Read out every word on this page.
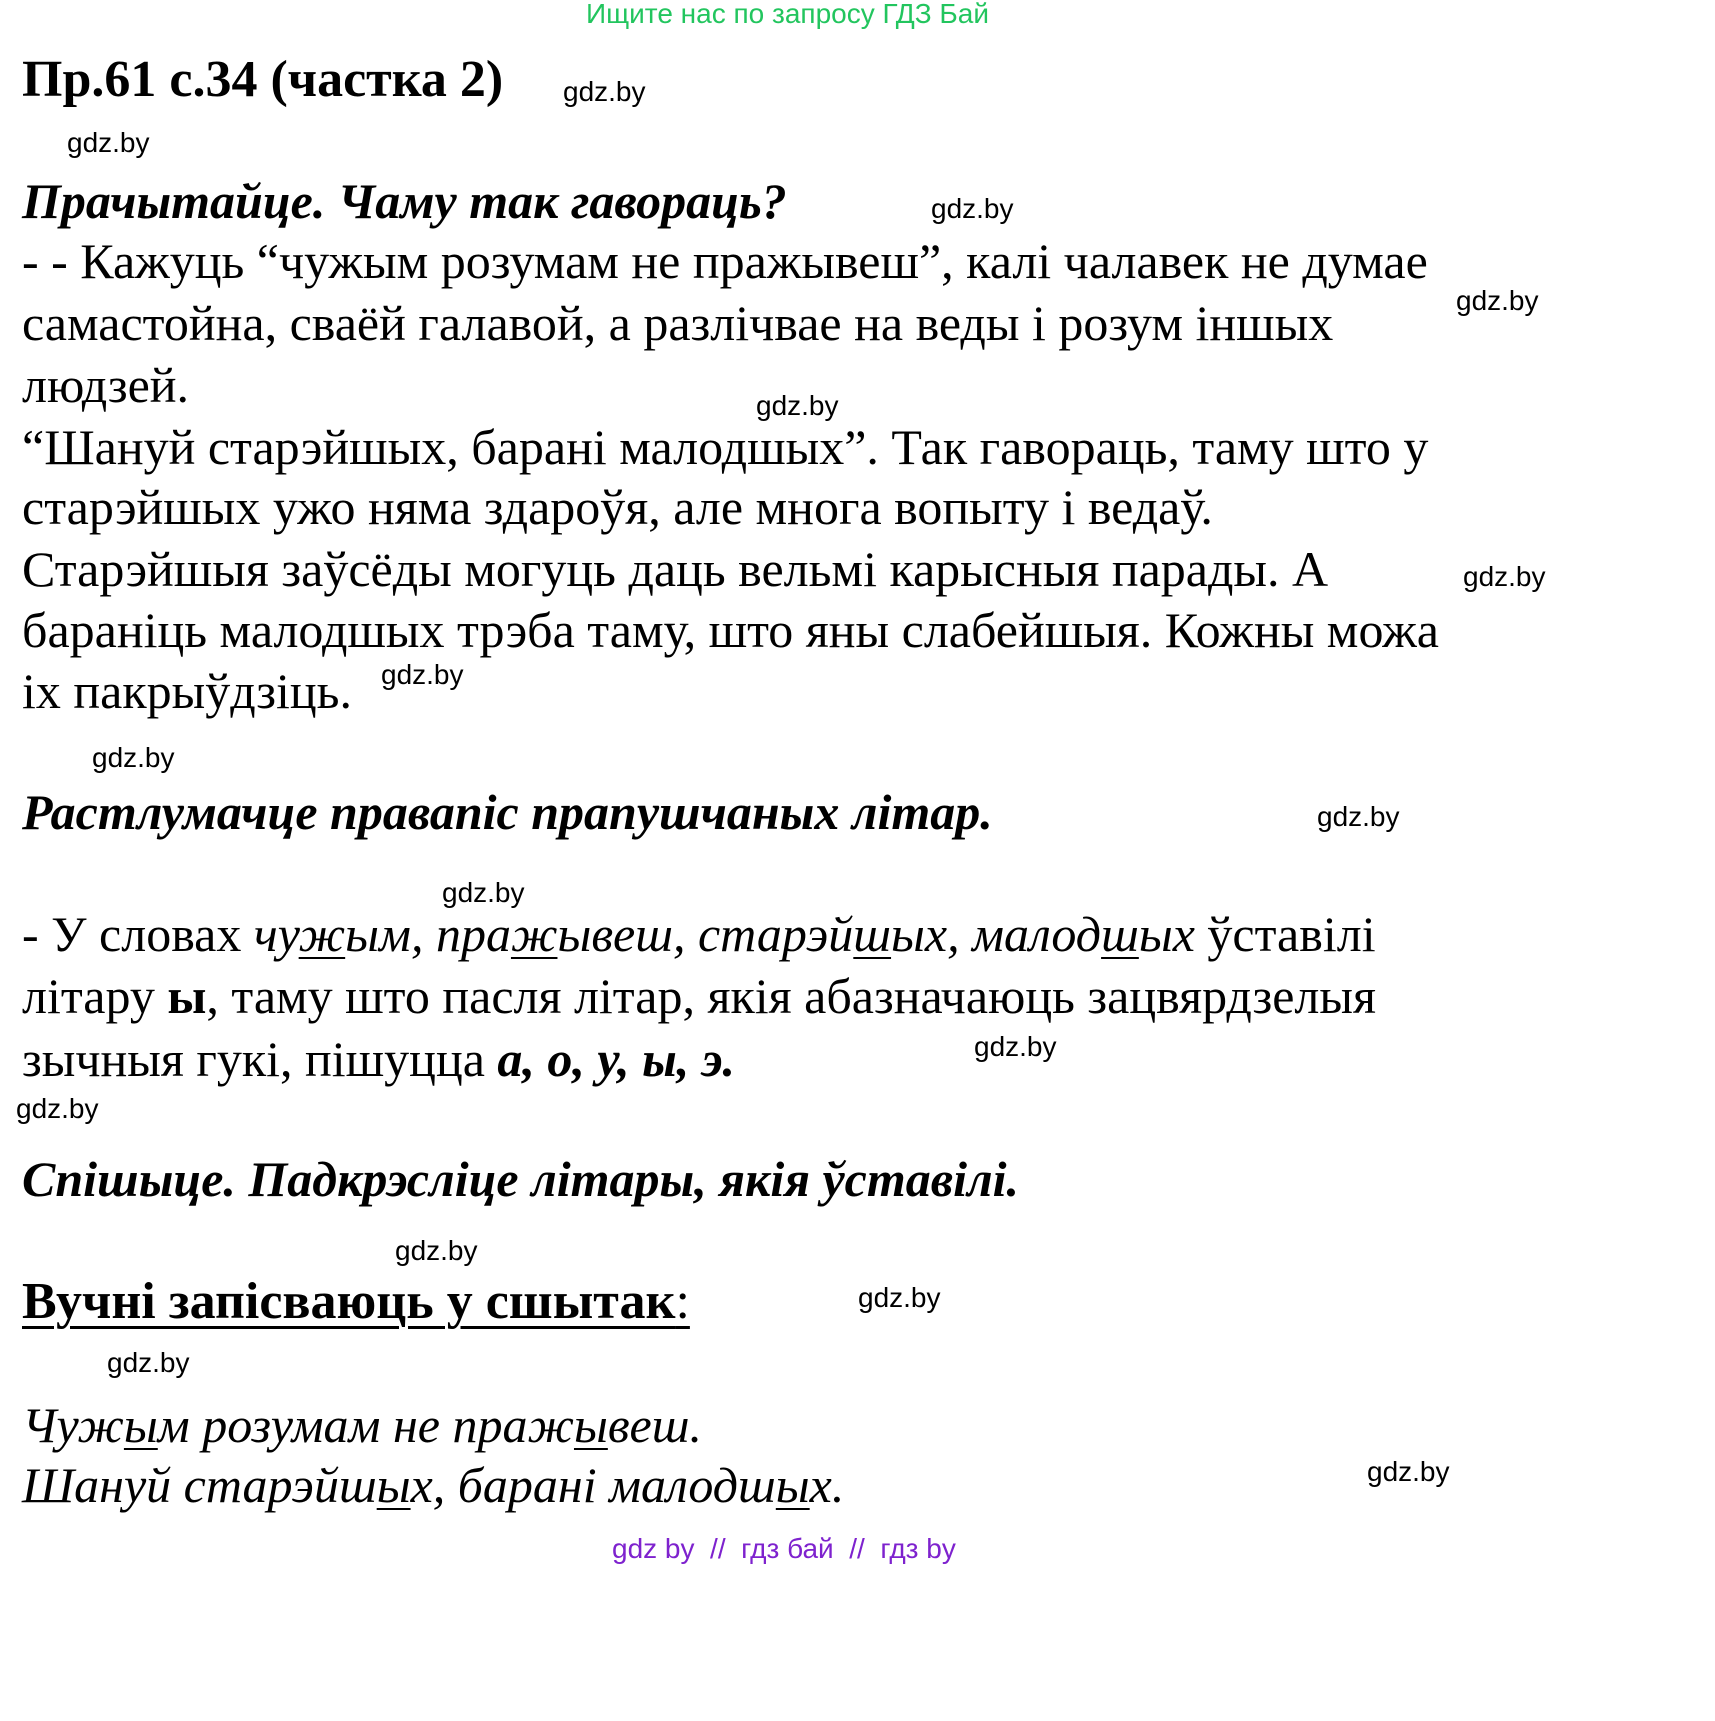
Ищите нас по запросу ГДЗ Бай
Пр.61 с.34 (частка 2) gdz.by
gdz.by
gdz.by
gdz.by
gdz.by
gdz.by
gdz.by
gdz.by
gdz.by
gdz.by
gdz.by
gdz.by
gdz.by
gdz.by
gdz.by
gdz.by
Прачытайце. Чаму так гавораць?
- - Кажуць “чужым розумам не пражывеш”, калі чалавек не думае
самастойна, сваёй галавой, а разлічвае на веды і розум іншых
людзей.
“Шануй старэйшых, барані малодшых”. Так гавораць, таму што у
старэйшых ужо няма здароўя, але многа вопыту і ведаў.
Старэйшыя заўсёды могуць даць вельмі карысныя парады. А
бараніць малодшых трэба таму, што яны слабейшыя. Кожны можа
іх пакрыўдзіць.
Растлумачце правапіс прапушчаных літар.
- У словах чужым, пражывеш, старэйшых, малодшых ўставілі
літару ы, таму што пасля літар, якія абазначаюць зацвярдзелыя
зычныя гукі, пішуцца а, о, у, ы, э.
Спішыце. Падкрэсліце літары, якія ўставілі.
Вучні запісваюць у сшытак:
Чужым розумам не пражывеш.
Шануй старэйшых, барані малодшых.
gdz by  //  гдз бай  //  гдз by
